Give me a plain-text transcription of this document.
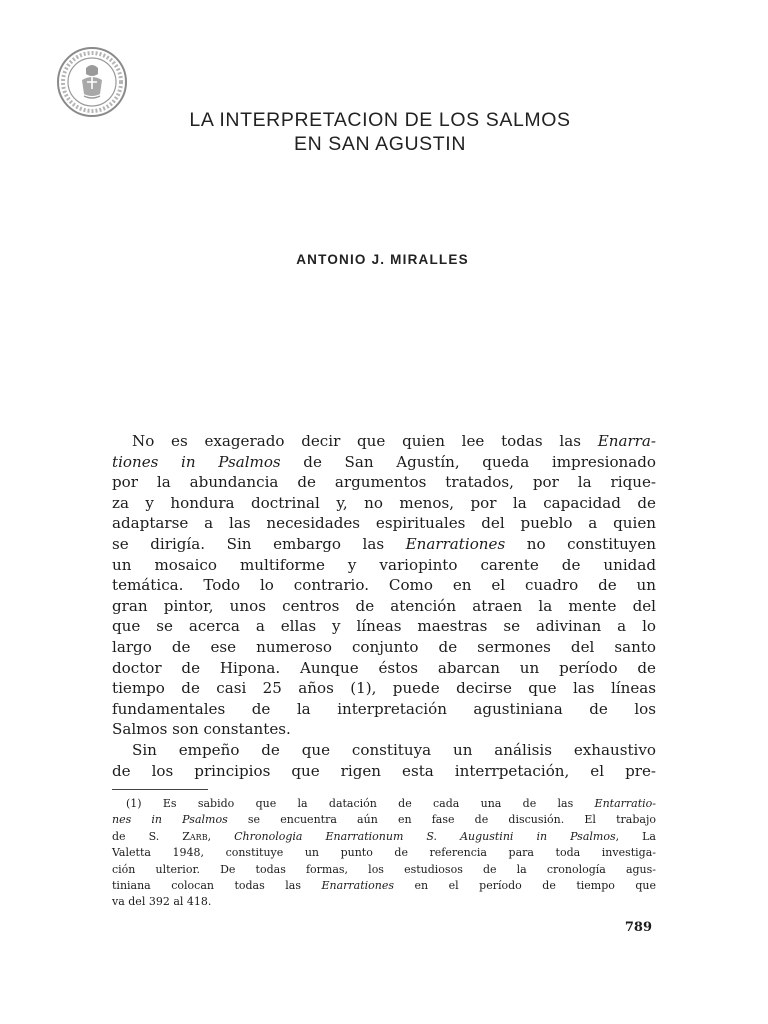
LA INTERPRETACION DE LOS SALMOS
EN SAN AGUSTIN
ANTONIO J. MIRALLES
No es exagerado decir que quien lee todas las Enarra-
tiones in Psalmos de San Agustín, queda impresionado
por la abundancia de argumentos tratados, por la rique-
za y hondura doctrinal y, no menos, por la capacidad de
adaptarse a las necesidades espirituales del pueblo a quien
se dirigía. Sin embargo las Enarrationes no constituyen
un mosaico multiforme y variopinto carente de unidad
temática. Todo lo contrario. Como en el cuadro de un
gran pintor, unos centros de atención atraen la mente del
que se acerca a ellas y líneas maestras se adivinan a lo
largo de ese numeroso conjunto de sermones del santo
doctor de Hipona. Aunque éstos abarcan un período de
tiempo de casi 25 años (1), puede decirse que las líneas
fundamentales de la interpretación agustiniana de los
Salmos son constantes.
Sin empeño de que constituya un análisis exhaustivo
de los principios que rigen esta interrpetación, el pre-
(1) Es sabido que la datación de cada una de las Entarratio-
nes in Psalmos se encuentra aún en fase de discusión. El trabajo
de S. Zarb, Chronologia Enarrationum S. Augustini in Psalmos, La
Valetta 1948, constituye un punto de referencia para toda investiga-
ción ulterior. De todas formas, los estudiosos de la cronología agus-
tiniana colocan todas las Enarrationes en el período de tiempo que
va del 392 al 418.
789
